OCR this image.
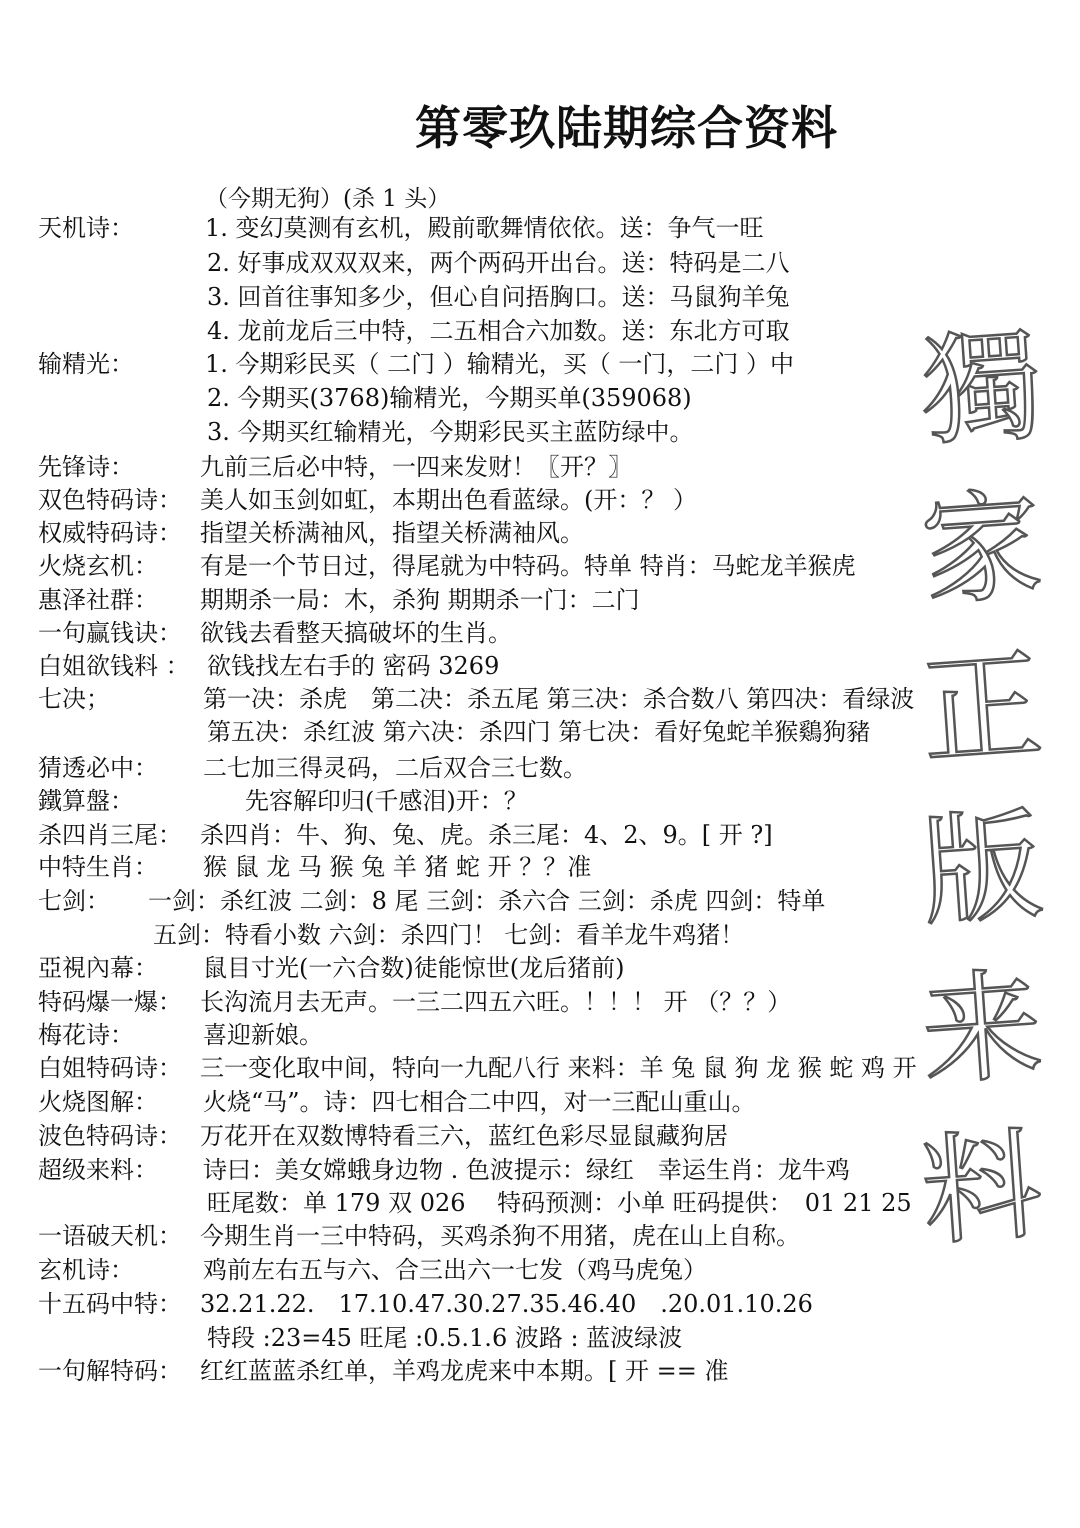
第零玖陆期综合资料
（今期无狗）(杀 1 头）
獨
家
正
版
来
料
天机诗：	1. 变幻莫测有玄机，殿前歌舞情依依。送：争气一旺
2. 好事成双双双来，两个两码开出台。送：特码是二八
3. 回首往事知多少，但心自问捂胸口。送：马鼠狗羊兔
4. 龙前龙后三中特，二五相合六加数。送：东北方可取
输精光：	1. 今期彩民买（ 二门 ）输精光，买（ 一门，二门 ）中
2. 今期买(3768)输精光，今期买单(359068)
3. 今期买红输精光，今期彩民买主蓝防绿中。
先锋诗：	九前三后必中特，一四来发财！〖开？〗
双色特码诗： 美人如玉剑如虹，本期出色看蓝绿。(开：？ ）
权威特码诗： 指望关桥满袖风，指望关桥满袖风。
火烧玄机： 有是一个节日过，得尾就为中特码。特单 特肖：马蛇龙羊猴虎
惠泽社群： 期期杀一局：木，杀狗 期期杀一门：二门
一句赢钱诀： 欲钱去看整天搞破坏的生肖。
白姐欲钱料 ： 欲钱找左右手的 密码 3269
七决；	第一决：杀虎　第二决：杀五尾 第三决：杀合数八 第四决：看绿波
第五决：杀红波 第六决：杀四门 第七决：看好兔蛇羊猴鷄狗豬
猜透必中： 二七加三得灵码，二后双合三七数。
鐵算盤：	先容解印归(千感泪)开：？
杀四肖三尾： 杀四肖：牛、狗、兔、虎。杀三尾：4、2、9。[ 开 ?]
中特生肖： 猴 鼠 龙 马 猴 兔 羊 猪 蛇 开 ？？准
七剑： 一剑：杀红波 二剑：8 尾 三剑：杀六合 三剑：杀虎 四剑：特单
五剑：特看小数 六剑：杀四门！ 七剑：看羊龙牛鸡猪！
亞視內幕： 鼠目寸光(一六合数)徒能惊世(龙后猪前)
特码爆一爆： 长沟流月去无声。一三二四五六旺。！！！ 开 （？？）
梅花诗：	喜迎新娘。
白姐特码诗： 三一变化取中间，特向一九配八行 来料：羊 兔 鼠 狗 龙 猴 蛇 鸡 开
火烧图解： 火烧“马”。诗：四七相合二中四，对一三配山重山。
波色特码诗： 万花开在双数博特看三六，蓝红色彩尽显鼠藏狗居
超级来料： 诗曰：美女嫦蛾身边物 . 色波提示：绿红　幸运生肖：龙牛鸡
旺尾数：单 179 双 026　 特码预测：小单 旺码提供：　01 21 25
一语破天机： 今期生肖一三中特码，买鸡杀狗不用猪，虎在山上自称。
玄机诗：	鸡前左右五与六、合三出六一七发（鸡马虎兔）
十五码中特： 32.21.22.　17.10.47.30.27.35.46.40　.20.01.10.26
特段 :23=45 旺尾 :0.5.1.6 波路 : 蓝波绿波
一句解特码： 红红蓝蓝杀红单，羊鸡龙虎来中本期。[ 开 == 准
